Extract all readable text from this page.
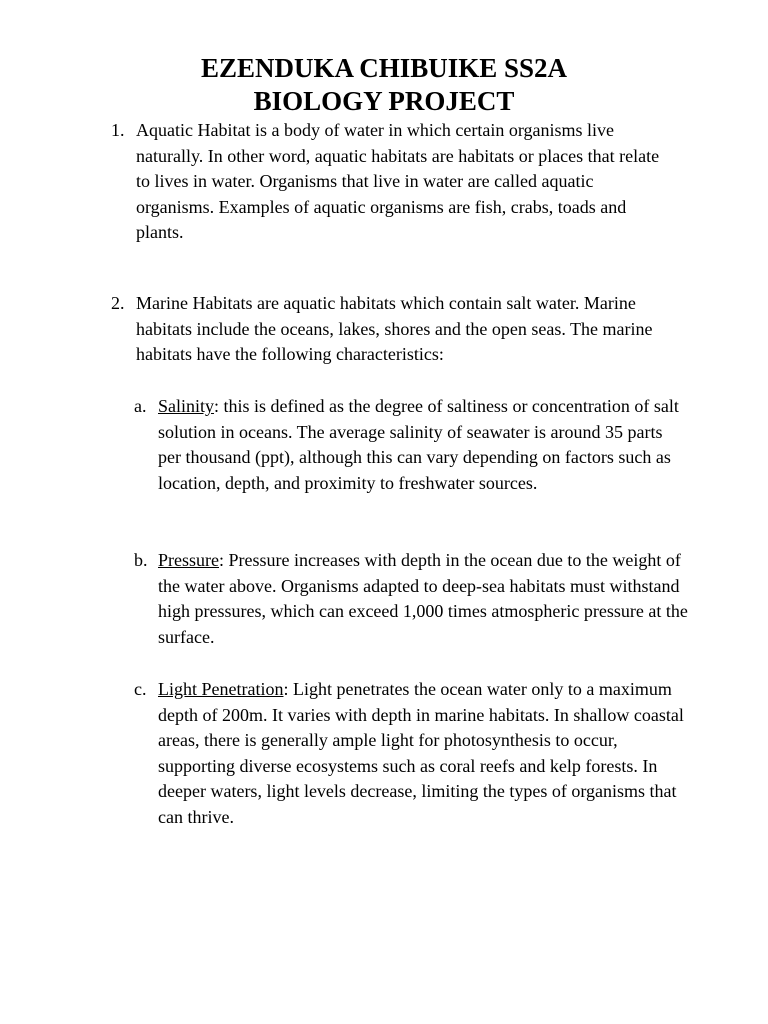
EZENDUKA CHIBUIKE SS2A
BIOLOGY PROJECT
1. Aquatic Habitat is a body of water in which certain organisms live naturally. In other word, aquatic habitats are habitats or places that relate to lives in water. Organisms that live in water are called aquatic organisms. Examples of aquatic organisms are fish, crabs, toads and plants.
2. Marine Habitats are aquatic habitats which contain salt water. Marine habitats include the oceans, lakes, shores and the open seas. The marine habitats have the following characteristics:
a. Salinity: this is defined as the degree of saltiness or concentration of salt solution in oceans. The average salinity of seawater is around 35 parts per thousand (ppt), although this can vary depending on factors such as location, depth, and proximity to freshwater sources.
b. Pressure: Pressure increases with depth in the ocean due to the weight of the water above. Organisms adapted to deep-sea habitats must withstand high pressures, which can exceed 1,000 times atmospheric pressure at the surface.
c. Light Penetration: Light penetrates the ocean water only to a maximum depth of 200m. It varies with depth in marine habitats. In shallow coastal areas, there is generally ample light for photosynthesis to occur, supporting diverse ecosystems such as coral reefs and kelp forests. In deeper waters, light levels decrease, limiting the types of organisms that can thrive.
